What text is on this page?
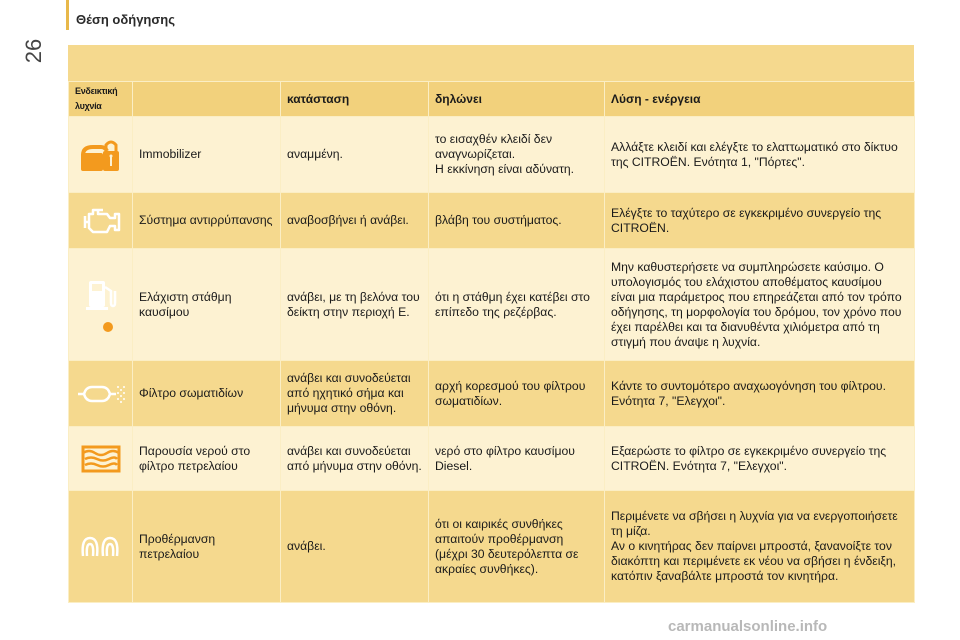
26
Θέση οδήγησης
Ενδεικτική λυχνία		κατάσταση	δηλώνει	Λύση - ενέργεια

	Immobilizer	αναμμένη.	το εισαχθέν κλειδί δεν αναγνωρίζεται.
Η εκκίνηση είναι αδύνατη.	Αλλάξτε κλειδί και ελέγξτε το ελαττωματικό στο δίκτυο της CITROËN. Ενότητα 1, "Πόρτες".

	Σύστημα αντιρρύπανσης	αναβοσβήνει ή ανάβει.	βλάβη του συστήματος.	Ελέγξτε το ταχύτερο σε εγκεκριμένο συνεργείο της CITROËN.

	Ελάχιστη στάθμη καυσίμου	ανάβει, με τη βελόνα του δείκτη στην περιοχή E.	ότι η στάθμη έχει κατέβει στο επίπεδο της ρεζέρβας.	Μην καθυστερήσετε να συμπληρώσετε καύσιμο. Ο υπολογισμός του ελάχιστου αποθέματος καυσίμου είναι μια παράμετρος που επηρεάζεται από τον τρόπο οδήγησης, τη μορφολογία του δρόμου, τον χρόνο που έχει παρέλθει και τα διανυθέντα χιλιόμετρα από τη στιγμή που άναψε η λυχνία.

	Φίλτρο σωματιδίων	ανάβει και συνοδεύεται από ηχητικό σήμα και μήνυμα στην οθόνη.	αρχή κορεσμού του φίλτρου σωματιδίων.	Κάντε το συντομότερο αναχωογόνηση του φίλτρου. Ενότητα 7, "Ελεγχοι".

	Παρουσία νερού στο φίλτρο πετρελαίου	ανάβει και συνοδεύεται από μήνυμα στην οθόνη.	νερό στο φίλτρο καυσίμου Diesel.	Εξαερώστε το φίλτρο σε εγκεκριμένο συνεργείο της CITROËN. Ενότητα 7, "Ελεγχοι".

	Προθέρμανση πετρελαίου	ανάβει.	ότι οι καιρικές συνθήκες απαιτούν προθέρμανση (μέχρι 30 δευτερόλεπτα σε ακραίες συνθήκες).	Περιμένετε να σβήσει η λυχνία για να ενεργοποιήσετε τη μίζα.
Αν ο κινητήρας δεν παίρνει μπροστά, ξανανοίξτε τον διακόπτη και περιμένετε εκ νέου να σβήσει η ένδειξη, κατόπιν ξαναβάλτε μπροστά τον κινητήρα.
carmanualsonline.info
